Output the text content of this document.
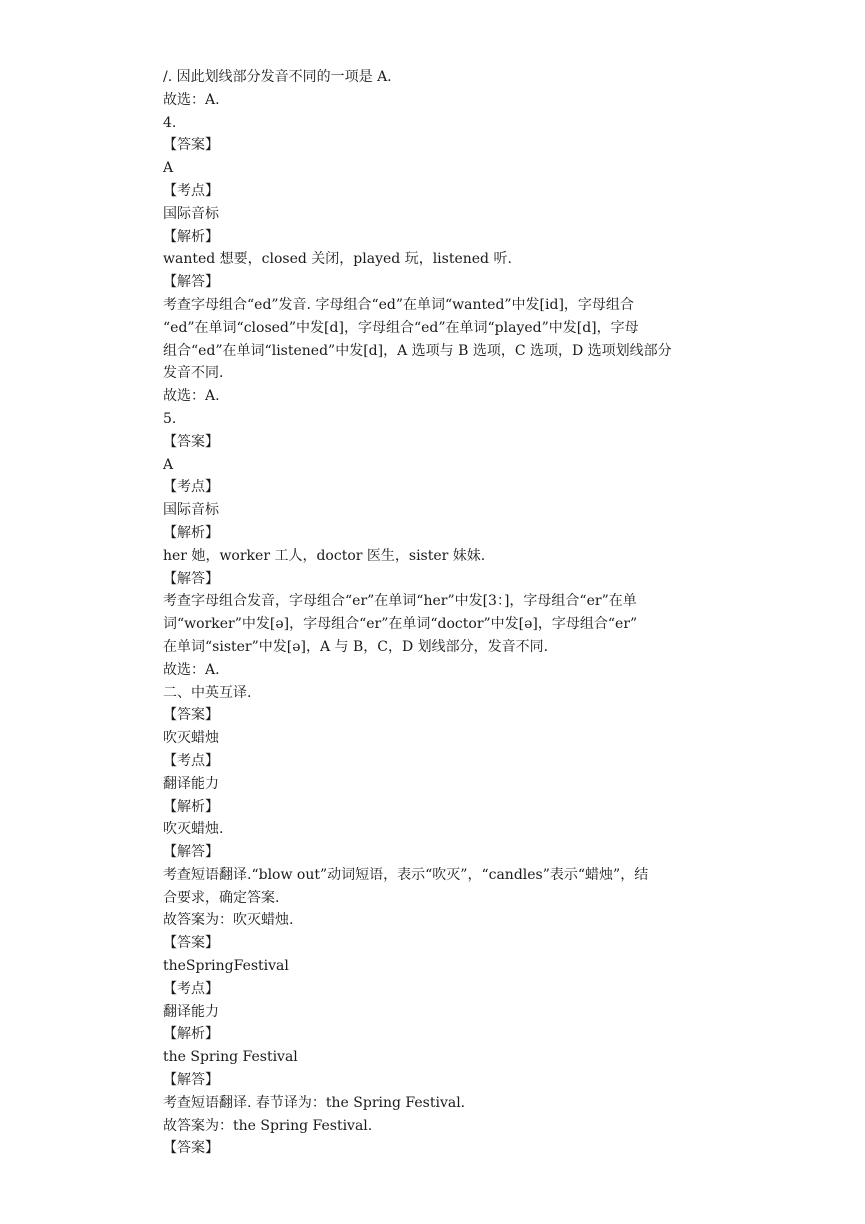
/. 因此划线部分发音不同的一项是 A.
故选：A.
4.
【答案】
A
【考点】
国际音标
【解析】
wanted 想要，closed 关闭，played 玩，listened 听.
【解答】
考查字母组合“ed”发音. 字母组合“ed”在单词“wanted”中发[id]，字母组合
“ed”在单词“closed”中发[d]，字母组合“ed”在单词“played”中发[d]，字母
组合“ed”在单词“listened”中发[d]，A 选项与 B 选项，C 选项，D 选项划线部分
发音不同.
故选：A.
5.
【答案】
A
【考点】
国际音标
【解析】
her 她，worker 工人，doctor 医生，sister 妹妹.
【解答】
考查字母组合发音，字母组合“er”在单词“her”中发[3：]，字母组合“er”在单
词“worker”中发[ə]，字母组合“er”在单词“doctor”中发[ə]，字母组合“er”
在单词“sister”中发[ə]，A 与 B，C，D 划线部分，发音不同.
故选：A.
二、中英互译.
【答案】
吹灭蜡烛
【考点】
翻译能力
【解析】
吹灭蜡烛.
【解答】
考查短语翻译.“blow out”动词短语，表示“吹灭”，“candles”表示“蜡烛”，结
合要求，确定答案.
故答案为：吹灭蜡烛.
【答案】
theSpringFestival
【考点】
翻译能力
【解析】
the Spring Festival
【解答】
考查短语翻译. 春节译为：the Spring Festival.
故答案为：the Spring Festival.
【答案】
